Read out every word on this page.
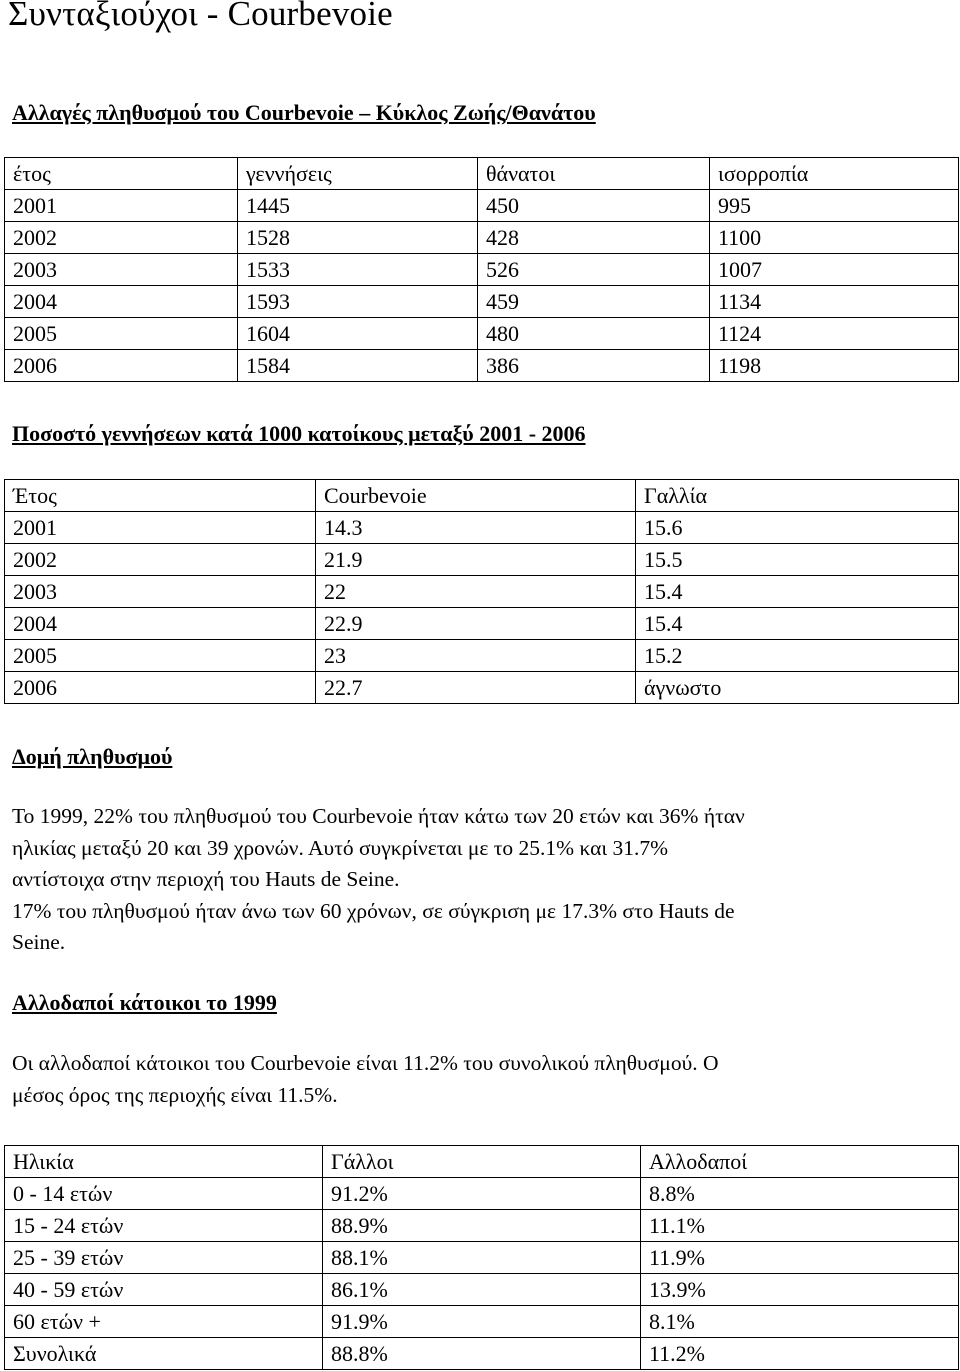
Συνταξιούχοι - Courbevoie
Αλλαγές πληθυσμού του Courbevoie – Κύκλος Ζωής/Θανάτου
έτος	γεννήσεις	θάνατοι	ισορροπία
2001	1445	450	995
2002	1528	428	1100
2003	1533	526	1007
2004	1593	459	1134
2005	1604	480	1124
2006	1584	386	1198
Ποσοστό γεννήσεων κατά 1000 κατοίκους μεταξύ 2001 - 2006
Έτος	Courbevoie	Γαλλία
2001	14.3	15.6
2002	21.9	15.5
2003	22	15.4
2004	22.9	15.4
2005	23	15.2
2006	22.7	άγνωστο
Δομή πληθυσμού
Το 1999, 22% του πληθυσμού του Courbevoie ήταν κάτω των 20 ετών και 36% ήταν
ηλικίας μεταξύ 20 και 39 χρονών. Αυτό συγκρίνεται με το 25.1% και 31.7%
αντίστοιχα στην περιοχή του Hauts de Seine.
17% του πληθυσμού ήταν άνω των 60 χρόνων, σε σύγκριση με 17.3% στο Hauts de
Seine.
Αλλοδαποί κάτοικοι το 1999
Οι αλλοδαποί κάτοικοι του Courbevoie είναι 11.2% του συνολικού πληθυσμού. Ο
μέσος όρος της περιοχής είναι 11.5%.
Ηλικία	Γάλλοι	Αλλοδαποί
0 - 14 ετών	91.2%	8.8%
15 - 24 ετών	88.9%	11.1%
25 - 39 ετών	88.1%	11.9%
40 - 59 ετών	86.1%	13.9%
60 ετών +	91.9%	8.1%
Συνολικά	88.8%	11.2%
